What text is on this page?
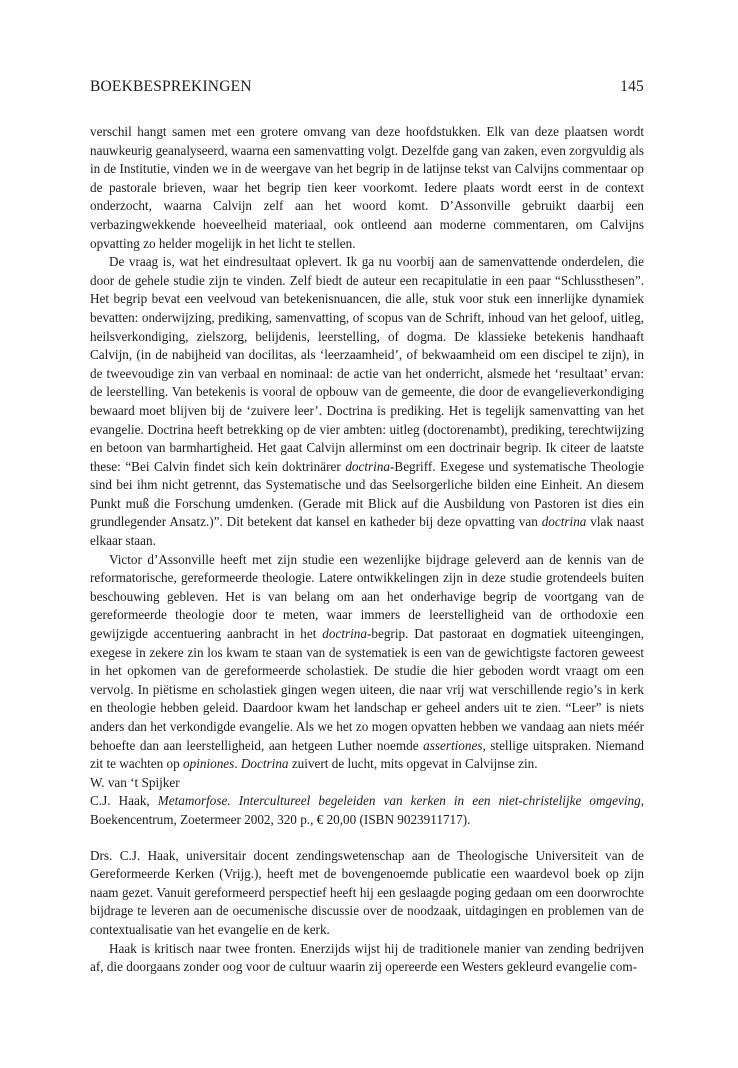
BOEKBESPREKINGEN	145

verschil hangt samen met een grotere omvang van deze hoofdstukken. Elk van deze plaatsen wordt nauwkeurig geanalyseerd, waarna een samenvatting volgt. Dezelfde gang van zaken, even zorgvuldig als in de Institutie, vinden we in de weergave van het begrip in de latijnse tekst van Calvijns commentaar op de pastorale brieven, waar het begrip tien keer voorkomt. Iedere plaats wordt eerst in de context onderzocht, waarna Calvijn zelf aan het woord komt. D’Assonville gebruikt daarbij een verbazingwekkende hoeveelheid materiaal, ook ontleend aan moderne commentaren, om Calvijns opvatting zo helder mogelijk in het licht te stellen.

De vraag is, wat het eindresultaat oplevert. Ik ga nu voorbij aan de samenvattende onderdelen, die door de gehele studie zijn te vinden. Zelf biedt de auteur een recapitulatie in een paar “Schlussthesen”. Het begrip bevat een veelvoud van betekenisnuancen, die alle, stuk voor stuk een innerlijke dynamiek bevatten: onderwijzing, prediking, samenvatting, of scopus van de Schrift, inhoud van het geloof, uitleg, heilsverkondiging, zielszorg, belijdenis, leerstelling, of dogma. De klassieke betekenis handhaaft Calvijn, (in de nabijheid van docilitas, als ‘leerzaamheid’, of bekwaamheid om een discipel te zijn), in de tweevoudige zin van verbaal en nominaal: de actie van het onderricht, alsmede het ‘resultaat’ ervan: de leerstelling. Van betekenis is vooral de opbouw van de gemeente, die door de evangelieverkondiging bewaard moet blijven bij de ‘zuivere leer’. Doctrina is prediking. Het is tegelijk samenvatting van het evangelie. Doctrina heeft betrekking op de vier ambten: uitleg (doctorenambt), prediking, terechtwijzing en betoon van barmhartigheid. Het gaat Calvijn allerminst om een doctrinair begrip. Ik citeer de laatste these: “Bei Calvin findet sich kein doktrinärer doctrina-Begriff. Exegese und systematische Theologie sind bei ihm nicht getrennt, das Systematische und das Seelsorgerliche bilden eine Einheit. An diesem Punkt muß die Forschung umdenken. (Gerade mit Blick auf die Ausbildung von Pastoren ist dies ein grundlegender Ansatz.)”. Dit betekent dat kansel en katheder bij deze opvatting van doctrina vlak naast elkaar staan.

Victor d’Assonville heeft met zijn studie een wezenlijke bijdrage geleverd aan de kennis van de reformatorische, gereformeerde theologie. Latere ontwikkelingen zijn in deze studie grotendeels buiten beschouwing gebleven. Het is van belang om aan het onderhavige begrip de voortgang van de gereformeerde theologie door te meten, waar immers de leerstelligheid van de orthodoxie een gewijzigde accentuering aanbracht in het doctrina-begrip. Dat pastoraat en dogmatiek uiteengingen, exegese in zekere zin los kwam te staan van de systematiek is een van de gewichtigste factoren geweest in het opkomen van de gereformeerde scholastiek. De studie die hier geboden wordt vraagt om een vervolg. In piëtisme en scholastiek gingen wegen uiteen, die naar vrij wat verschillende regio’s in kerk en theologie hebben geleid. Daardoor kwam het landschap er geheel anders uit te zien. “Leer” is niets anders dan het verkondigde evangelie. Als we het zo mogen opvatten hebben we vandaag aan niets méér behoefte dan aan leerstelligheid, aan hetgeen Luther noemde assertiones, stellige uitspraken. Niemand zit te wachten op opiniones. Doctrina zuivert de lucht, mits opgevat in Calvijnse zin.

W. van ‘t Spijker

C.J. Haak, Metamorfose. Intercultureel begeleiden van kerken in een niet-christelijke omgeving, Boekencentrum, Zoetermeer 2002, 320 p., € 20,00 (ISBN 9023911717).

Drs. C.J. Haak, universitair docent zendingswetenschap aan de Theologische Universiteit van de Gereformeerde Kerken (Vrijg.), heeft met de bovengenoemde publicatie een waardevol boek op zijn naam gezet. Vanuit gereformeerd perspectief heeft hij een geslaagde poging gedaan om een doorwrochte bijdrage te leveren aan de oecumenische discussie over de noodzaak, uitdagingen en problemen van de contextualisatie van het evangelie en de kerk.

Haak is kritisch naar twee fronten. Enerzijds wijst hij de traditionele manier van zending bedrijven af, die doorgaans zonder oog voor de cultuur waarin zij opereerde een Westers gekleurd evangelie com-
